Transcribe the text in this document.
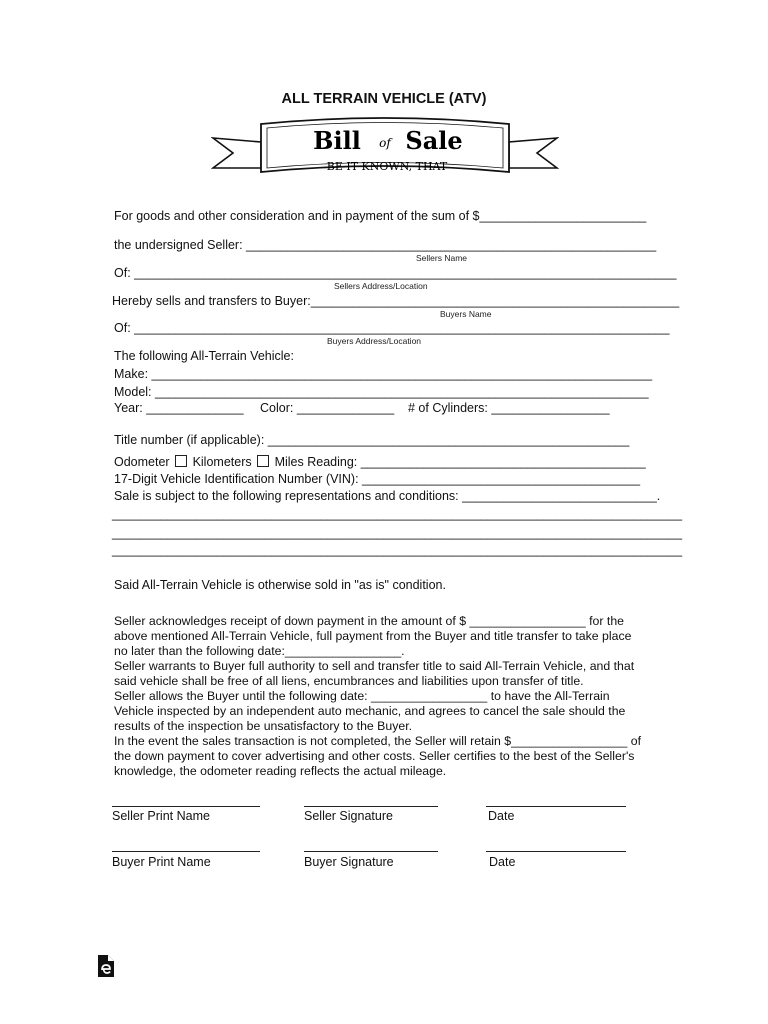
ALL TERRAIN VEHICLE (ATV)
Bill of Sale
BE IT KNOWN, THAT
For goods and other consideration and in payment of the sum of $________________________
the undersigned Seller: ___________________________________________________________
Sellers Name
Of: ______________________________________________________________________________
Sellers Address/Location
Hereby sells and transfers to Buyer:_____________________________________________________
Buyers Name
Of: _____________________________________________________________________________
Buyers Address/Location
The following All-Terrain Vehicle:
Make: ________________________________________________________________________
Model: _______________________________________________________________________
Year: ______________ Color: ______________ # of Cylinders: _________________
Title number (if applicable): ____________________________________________________
Odometer Kilometers Miles Reading: _________________________________________
17-Digit Vehicle Identification Number (VIN): ________________________________________
Sale is subject to the following representations and conditions: ____________________________.
__________________________________________________________________________________
__________________________________________________________________________________
__________________________________________________________________________________
Said All-Terrain Vehicle is otherwise sold in "as is" condition.
Seller acknowledges receipt of down payment in the amount of $ _________________ for the
above mentioned All-Terrain Vehicle, full payment from the Buyer and title transfer to take place
no later than the following date:_________________.
Seller warrants to Buyer full authority to sell and transfer title to said All-Terrain Vehicle, and that
said vehicle shall be free of all liens, encumbrances and liabilities upon transfer of title.
Seller allows the Buyer until the following date: _________________ to have the All-Terrain
Vehicle inspected by an independent auto mechanic, and agrees to cancel the sale should the
results of the inspection be unsatisfactory to the Buyer.
In the event the sales transaction is not completed, the Seller will retain $_________________ of
the down payment to cover advertising and other costs. Seller certifies to the best of the Seller's
knowledge, the odometer reading reflects the actual mileage.
Seller Print Name	Seller Signature	Date
Buyer Print Name	Buyer Signature	Date
